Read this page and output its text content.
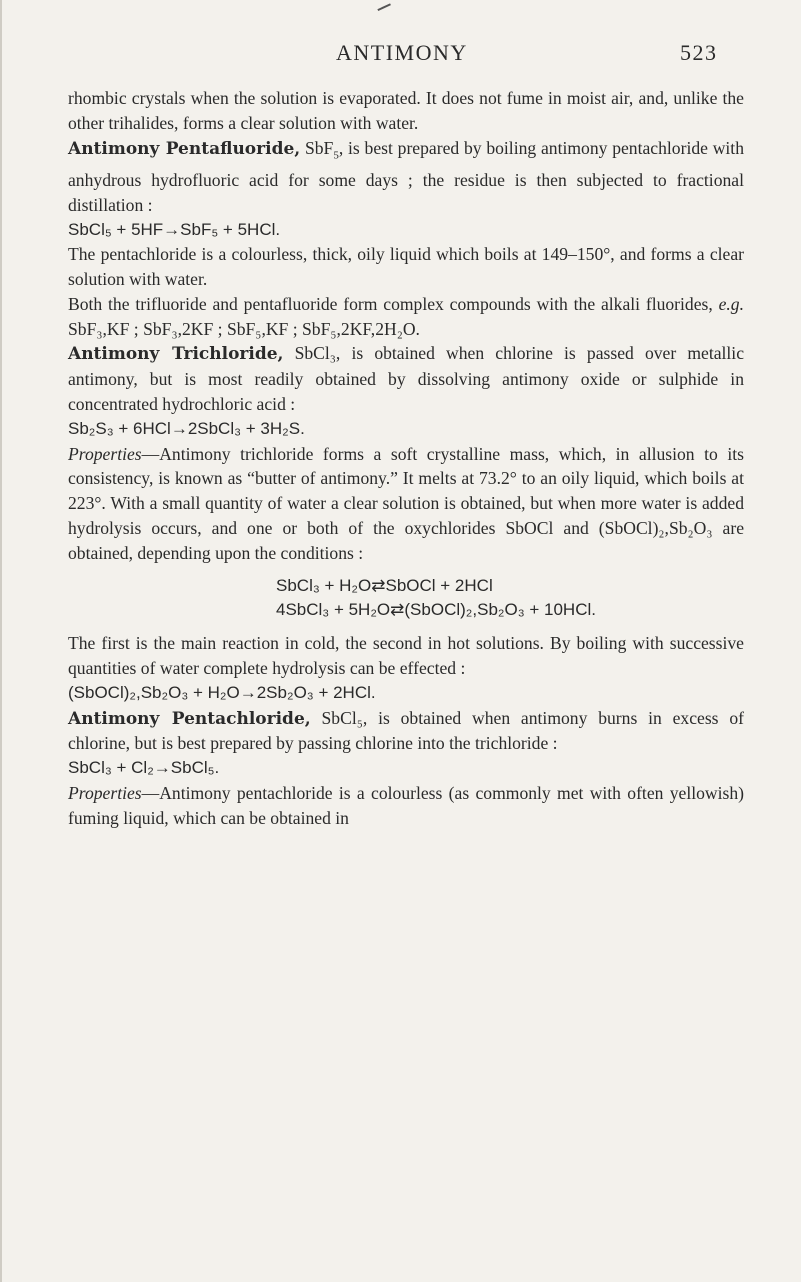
ANTIMONY	523

rhombic crystals when the solution is evaporated. It does not fume in moist air, and, unlike the other trihalides, forms a clear solution with water.

Antimony Pentafluoride, SbF$_5$, is best prepared by boiling antimony pentachloride with anhydrous hydrofluoric acid for some days ; the residue is then subjected to fractional distillation :

SbCl₅ + 5HF→SbF₅ + 5HCl.

The pentachloride is a colourless, thick, oily liquid which boils at 149–150°, and forms a clear solution with water.

Both the trifluoride and pentafluoride form complex compounds with the alkali fluorides, e.g. SbF₃,KF ; SbF₃,2KF ; SbF₅,KF ; SbF₅,2KF,2H₂O.

Antimony Trichloride, SbCl₃, is obtained when chlorine is passed over metallic antimony, but is most readily obtained by dissolving antimony oxide or sulphide in concentrated hydrochloric acid :

Sb₂S₃ + 6HCl→2SbCl₃ + 3H₂S.

Properties—Antimony trichloride forms a soft crystalline mass, which, in allusion to its consistency, is known as “butter of antimony.” It melts at 73.2° to an oily liquid, which boils at 223°. With a small quantity of water a clear solution is obtained, but when more water is added hydrolysis occurs, and one or both of the oxychlorides SbOCl and (SbOCl)₂,Sb₂O₃ are obtained, depending upon the conditions :

SbCl₃ + H₂O⇄SbOCl + 2HCl

4SbCl₃ + 5H₂O⇄(SbOCl)₂,Sb₂O₃ + 10HCl.

The first is the main reaction in cold, the second in hot solutions. By boiling with successive quantities of water complete hydrolysis can be effected :

(SbOCl)₂,Sb₂O₃ + H₂O→2Sb₂O₃ + 2HCl.

Antimony Pentachloride, SbCl₅, is obtained when antimony burns in excess of chlorine, but is best prepared by passing chlorine into the trichloride :

SbCl₃ + Cl₂→SbCl₅.

Properties—Antimony pentachloride is a colourless (as commonly met with often yellowish) fuming liquid, which can be obtained in
